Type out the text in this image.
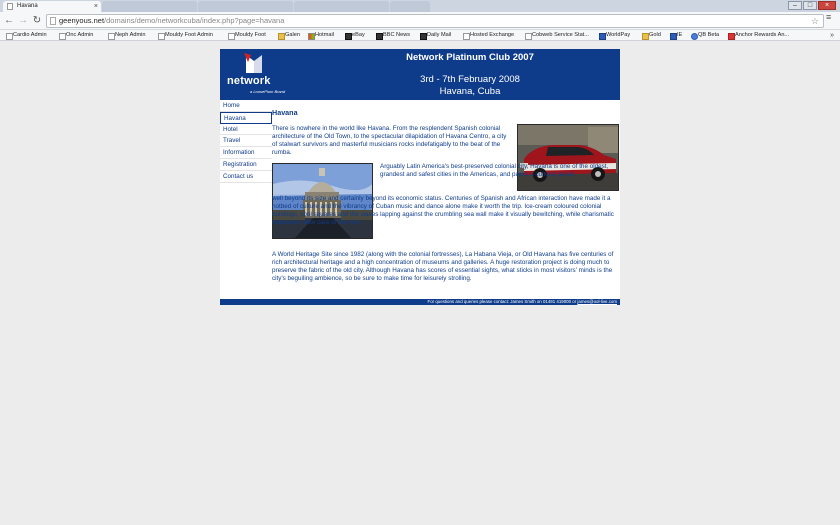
Havana	×	–	□	×
← → ↻	geenyous.net/domains/demo/networkcuba/index.php?page=havana	☆ ≡
Cardio Admin	Onc Admin	Neph Admin	Mouldy Foot Admin	Mouldy Foot	Galen	Hotmail	eBay	BBC News	Daily Mail	Hosted Exchange	Cobweb Service Stat...	WorldPay	Gold	IE	QB Beta	Anchor Rewards An...	»
network
a LoosePlum Brand
Network Platinum Club 2007
3rd - 7th February 2008
Havana, Cuba
Home
Havana
Hotel
Travel
Information
Registration
Contact us
Havana

There is nowhere in the world like Havana. From the resplendent Spanish colonial architecture of the Old Town, to the spectacular dilapidation of Havana Centro, a city of stalwart survivors and masterful musicians rocks indefatigably to the beat of the rumba.

Arguably Latin America's best-preserved colonial city, Havana is one of the oldest, grandest and safest cities in the Americas, and packs a cultural punch

well beyond its size and certainly beyond its economic status. Centuries of Spanish and African interaction have made it a hotbed of culture and the vibrancy of Cuban music and dance alone make it worth the trip. Ice-cream coloured colonial buildings, cool squares and the waves lapping against the crumbling sea wall make it visually bewitching, while charismatic habaneros take care of the rest.

A World Heritage Site since 1982 (along with the colonial fortresses), La Habana Vieja, or Old Havana has five centuries of rich architectural heritage and a high concentration of museums and galleries. A huge restoration project is doing much to preserve the fabric of the old city. Although Havana has scores of essential sights, what sticks in most visitors' minds is the city's beguiling ambience, so be sure to make time for leisurely strolling.

For questions and queries please contact: James Smith on 01491 419000 or james@ool-live.com
